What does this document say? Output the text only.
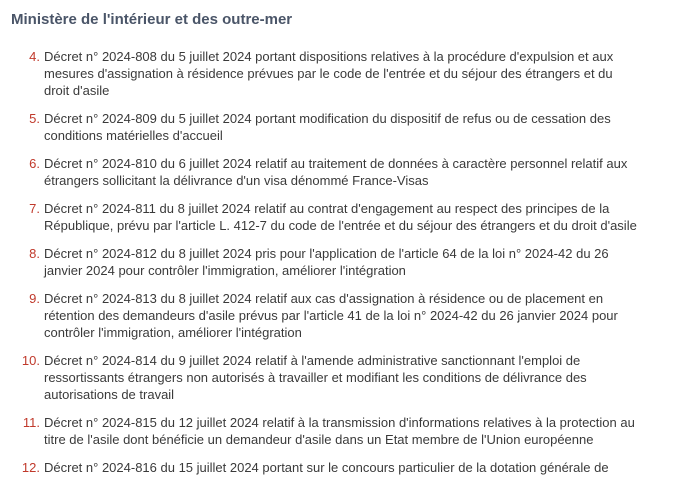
Ministère de l'intérieur et des outre-mer
4. Décret n° 2024-808 du 5 juillet 2024 portant dispositions relatives à la procédure d'expulsion et aux mesures d'assignation à résidence prévues par le code de l'entrée et du séjour des étrangers et du droit d'asile
5. Décret n° 2024-809 du 5 juillet 2024 portant modification du dispositif de refus ou de cessation des conditions matérielles d'accueil
6. Décret n° 2024-810 du 6 juillet 2024 relatif au traitement de données à caractère personnel relatif aux étrangers sollicitant la délivrance d'un visa dénommé France-Visas
7. Décret n° 2024-811 du 8 juillet 2024 relatif au contrat d'engagement au respect des principes de la République, prévu par l'article L. 412-7 du code de l'entrée et du séjour des étrangers et du droit d'asile
8. Décret n° 2024-812 du 8 juillet 2024 pris pour l'application de l'article 64 de la loi n° 2024-42 du 26 janvier 2024 pour contrôler l'immigration, améliorer l'intégration
9. Décret n° 2024-813 du 8 juillet 2024 relatif aux cas d'assignation à résidence ou de placement en rétention des demandeurs d'asile prévus par l'article 41 de la loi n° 2024-42 du 26 janvier 2024 pour contrôler l'immigration, améliorer l'intégration
10. Décret n° 2024-814 du 9 juillet 2024 relatif à l'amende administrative sanctionnant l'emploi de ressortissants étrangers non autorisés à travailler et modifiant les conditions de délivrance des autorisations de travail
11. Décret n° 2024-815 du 12 juillet 2024 relatif à la transmission d'informations relatives à la protection au titre de l'asile dont bénéficie un demandeur d'asile dans un Etat membre de l'Union européenne
12. Décret n° 2024-816 du 15 juillet 2024 portant sur le concours particulier de la dotation générale de
